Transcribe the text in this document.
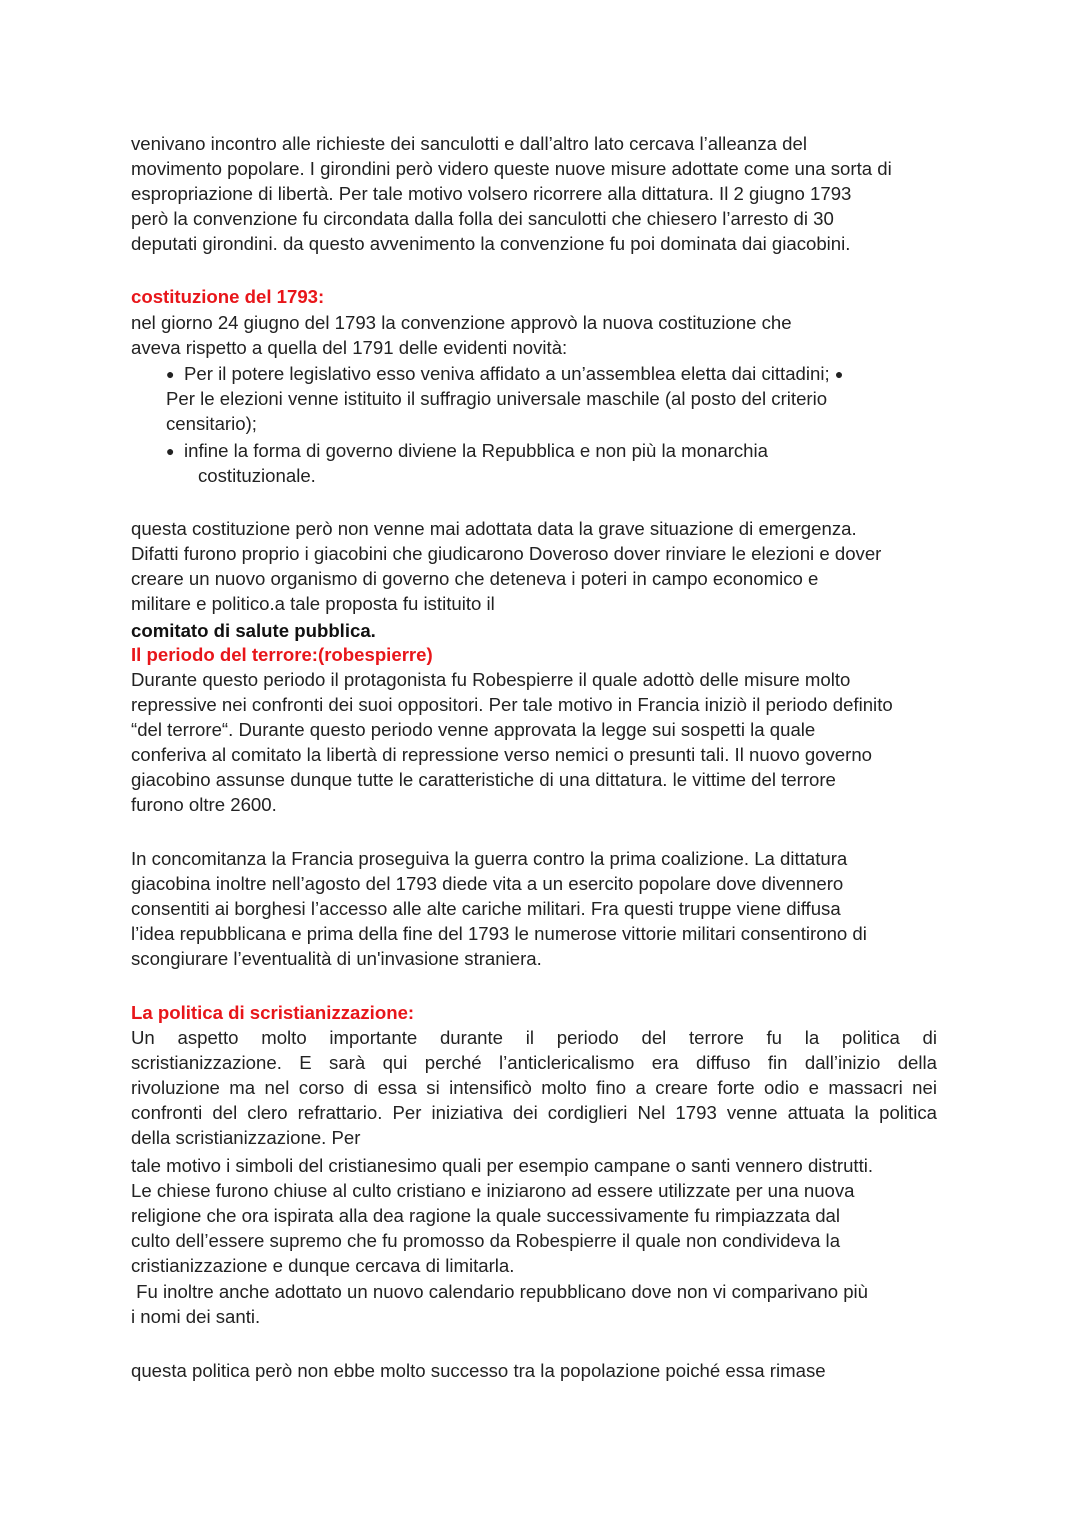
venivano incontro alle richieste dei sanculotti e dall’altro lato cercava l’alleanza del

movimento popolare. I girondini però videro queste nuove misure adottate come una sorta di

espropriazione di libertà. Per tale motivo volsero ricorrere alla dittatura. Il 2 giugno 1793

però la convenzione fu circondata dalla folla dei sanculotti che chiesero l’arresto di 30

deputati girondini. da questo avvenimento la convenzione fu poi dominata dai giacobini.

costituzione del 1793:

nel giorno 24 giugno del 1793 la convenzione approvò la nuova costituzione che

aveva rispetto a quella del 1791 delle evidenti novità:

● Per il potere legislativo esso veniva affidato a un’assemblea eletta dai cittadini; ●

Per le elezioni venne istituito il suffragio universale maschile (al posto del criterio

censitario);

● infine la forma di governo diviene la Repubblica e non più la monarchia

costituzionale.

questa costituzione però non venne mai adottata data la grave situazione di emergenza.

Difatti furono proprio i giacobini che giudicarono Doveroso dover rinviare le elezioni e dover

creare un nuovo organismo di governo che deteneva i poteri in campo economico e

militare e politico.a tale proposta fu istituito il

comitato di salute pubblica.

Il periodo del terrore:(robespierre)

Durante questo periodo il protagonista fu Robespierre il quale adottò delle misure molto

repressive nei confronti dei suoi oppositori. Per tale motivo in Francia iniziò il periodo definito

“del terrore“. Durante questo periodo venne approvata la legge sui sospetti la quale

conferiva al comitato la libertà di repressione verso nemici o presunti tali. Il nuovo governo

giacobino assunse dunque tutte le caratteristiche di una dittatura. le vittime del terrore

furono oltre 2600.

In concomitanza la Francia proseguiva la guerra contro la prima coalizione. La dittatura

giacobina inoltre nell’agosto del 1793 diede vita a un esercito popolare dove divennero

consentiti ai borghesi l’accesso alle alte cariche militari. Fra questi truppe viene diffusa

l’idea repubblicana e prima della fine del 1793 le numerose vittorie militari consentirono di

scongiurare l’eventualità di un'invasione straniera.

La politica di scristianizzazione:

Un aspetto molto importante durante il periodo del terrore fu la politica di

scristianizzazione. E sarà qui perché l’anticlericalismo era diffuso fin dall’inizio della

rivoluzione ma nel corso di essa si intensificò molto fino a creare forte odio e massacri nei

confronti del clero refrattario. Per iniziativa dei cordiglieri Nel 1793 venne attuata la politica

della scristianizzazione. Per

tale motivo i simboli del cristianesimo quali per esempio campane o santi vennero distrutti.

Le chiese furono chiuse al culto cristiano e iniziarono ad essere utilizzate per una nuova

religione che ora ispirata alla dea ragione la quale successivamente fu rimpiazzata dal

culto dell’essere supremo che fu promosso da Robespierre il quale non condivideva la

cristianizzazione e dunque cercava di limitarla.

Fu inoltre anche adottato un nuovo calendario repubblicano dove non vi comparivano più

i nomi dei santi.

questa politica però non ebbe molto successo tra la popolazione poiché essa rimase
